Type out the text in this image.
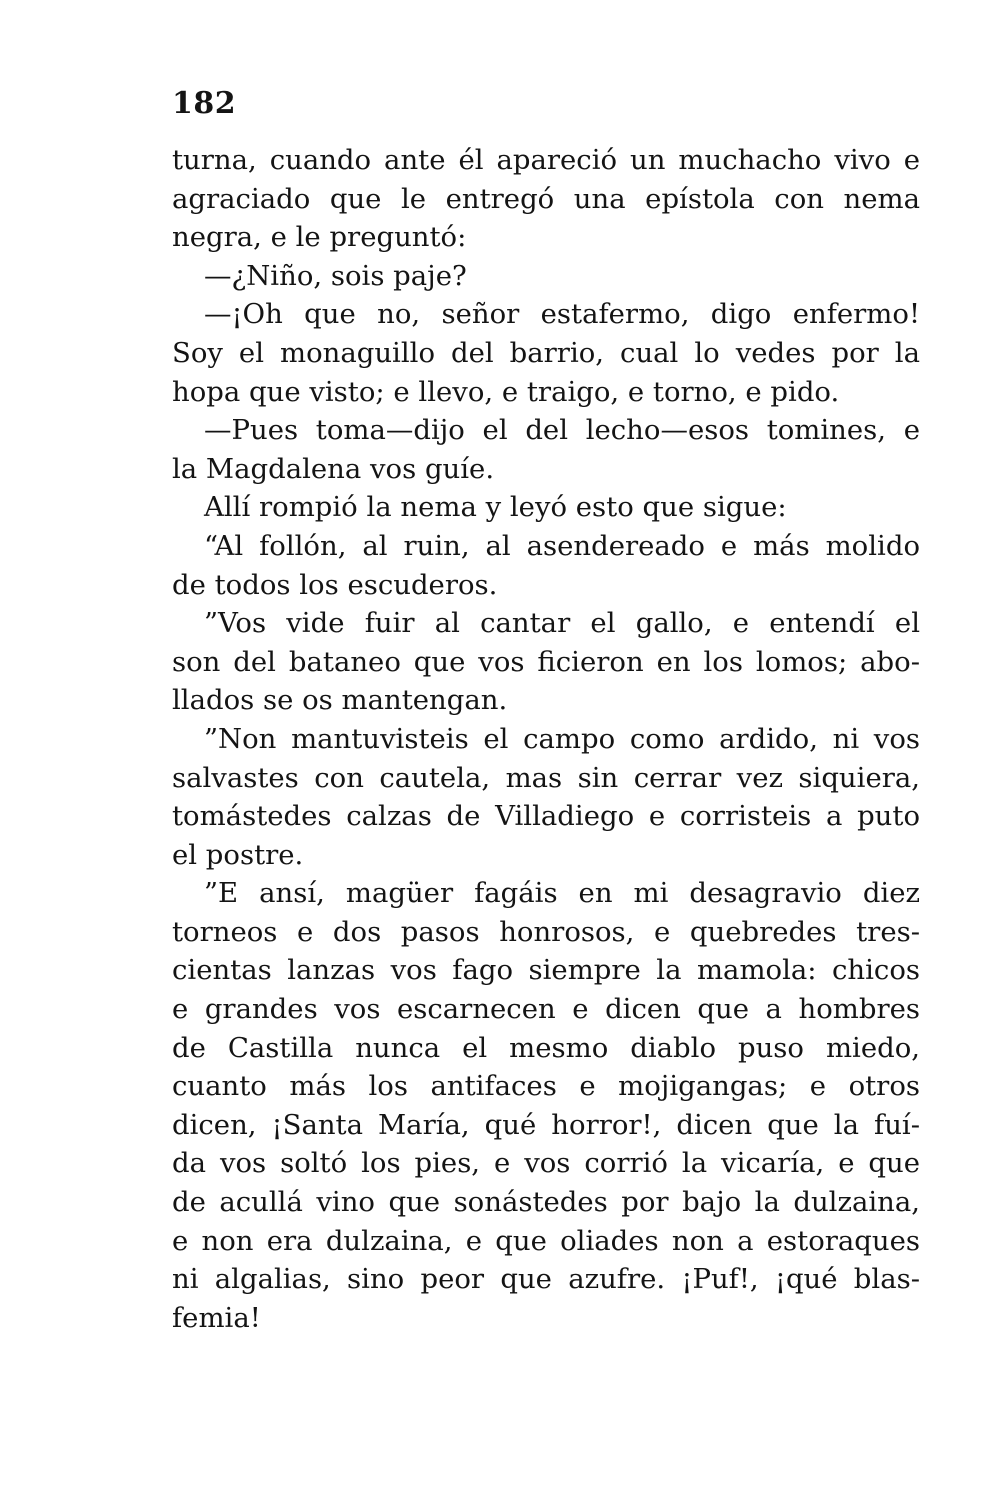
182
turna, cuando ante él apareció un muchacho vivo e
agraciado que le entregó una epístola con nema
negra, e le preguntó:
—¿Niño, sois paje?
—¡Oh que no, señor estafermo, digo enfermo!
Soy el monaguillo del barrio, cual lo vedes por la
hopa que visto; e llevo, e traigo, e torno, e pido.
—Pues toma—dijo el del lecho—esos tomines, e
la Magdalena vos guíe.
Allí rompió la nema y leyó esto que sigue:
“Al follón, al ruin, al asendereado e más molido
de todos los escuderos.
”Vos vide fuir al cantar el gallo, e entendí el
son del bataneo que vos ficieron en los lomos; abo-
llados se os mantengan.
”Non mantuvisteis el campo como ardido, ni vos
salvastes con cautela, mas sin cerrar vez siquiera,
tomástedes calzas de Villadiego e corristeis a puto
el postre.
”E ansí, magüer fagáis en mi desagravio diez
torneos e dos pasos honrosos, e quebredes tres-
cientas lanzas vos fago siempre la mamola: chicos
e grandes vos escarnecen e dicen que a hombres
de Castilla nunca el mesmo diablo puso miedo,
cuanto más los antifaces e mojigangas; e otros
dicen, ¡Santa María, qué horror!, dicen que la fuí-
da vos soltó los pies, e vos corrió la vicaría, e que
de acullá vino que sonástedes por bajo la dulzaina,
e non era dulzaina, e que oliades non a estoraques
ni algalias, sino peor que azufre. ¡Puf!, ¡qué blas-
femia!
